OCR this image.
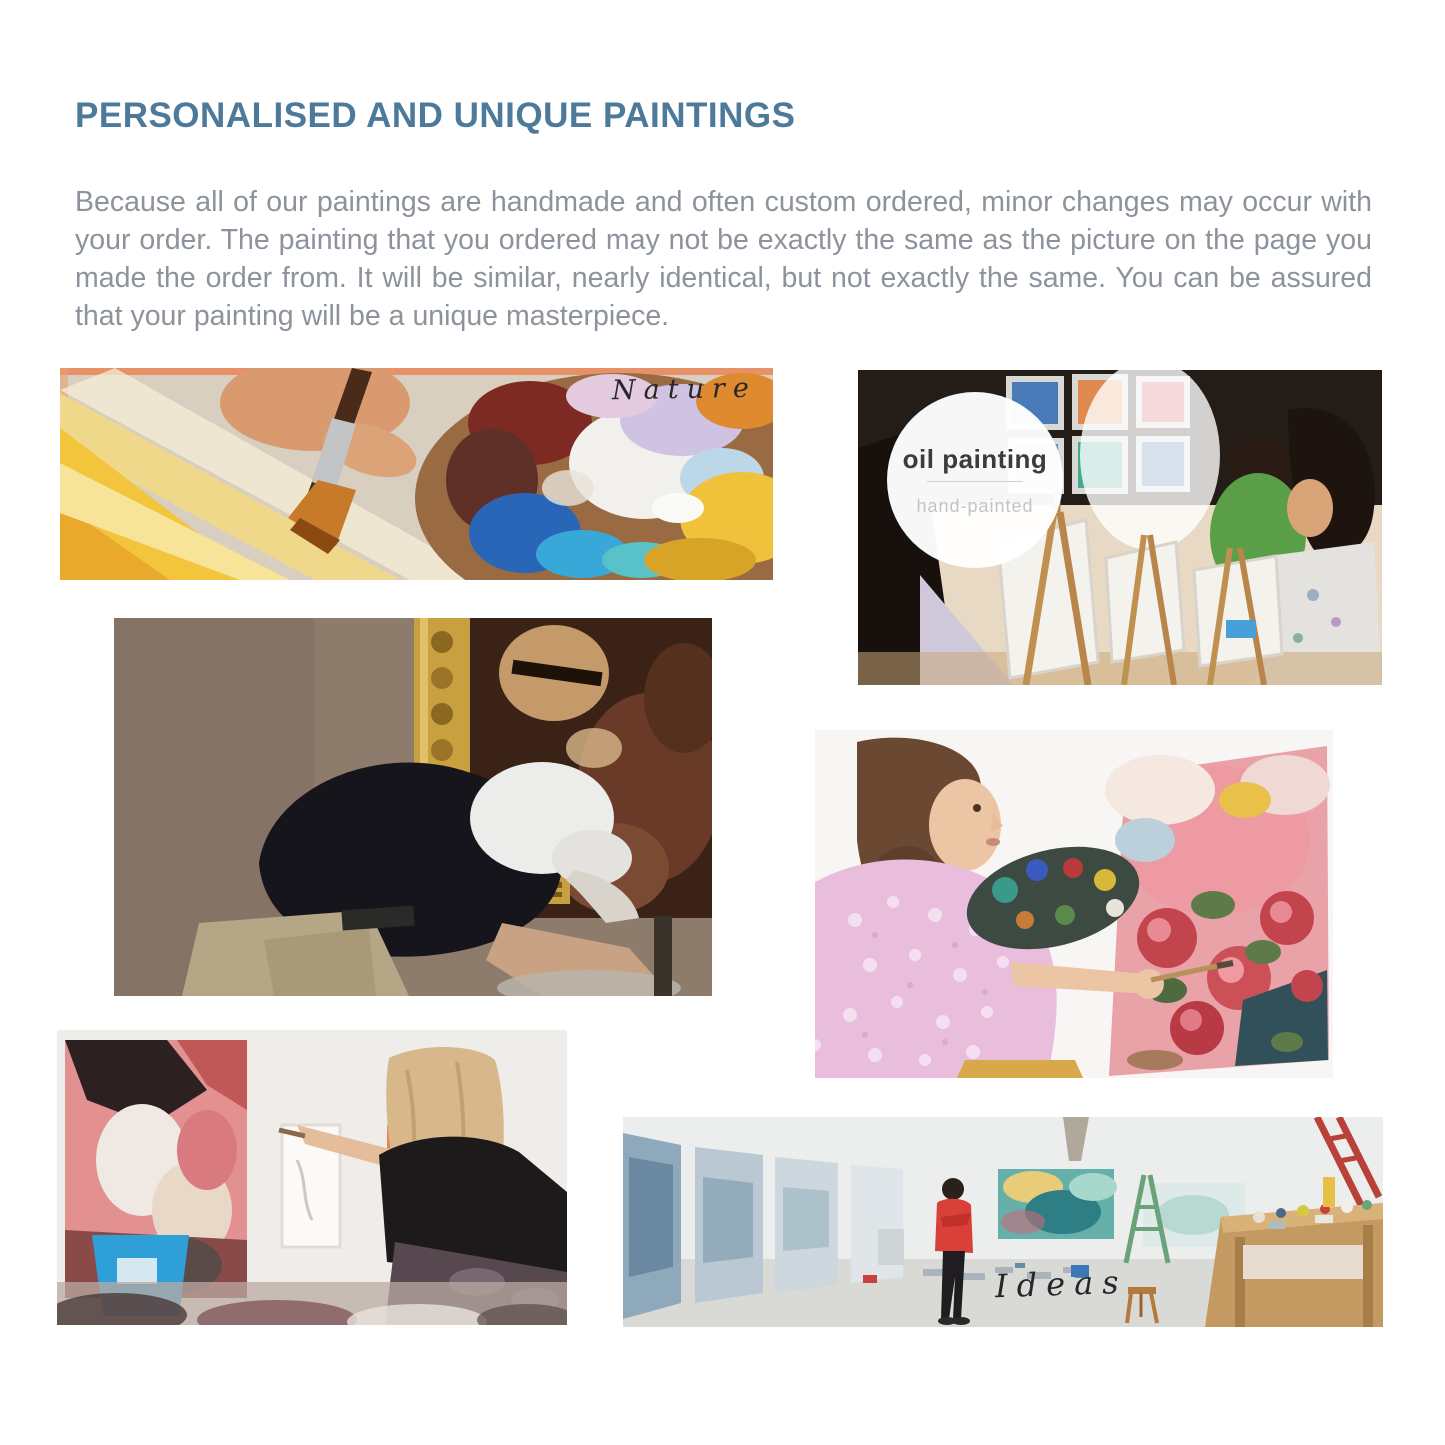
PERSONALISED AND UNIQUE PAINTINGS
Because all of our paintings are handmade and often custom ordered, minor changes may occur with your order. The painting that you ordered may not be exactly the same as the picture on the page you made the order from. It will be similar, nearly identical, but not exactly the same. You can be assured that your painting will be a unique masterpiece.
Nature
oil painting
hand-painted
Ideas
